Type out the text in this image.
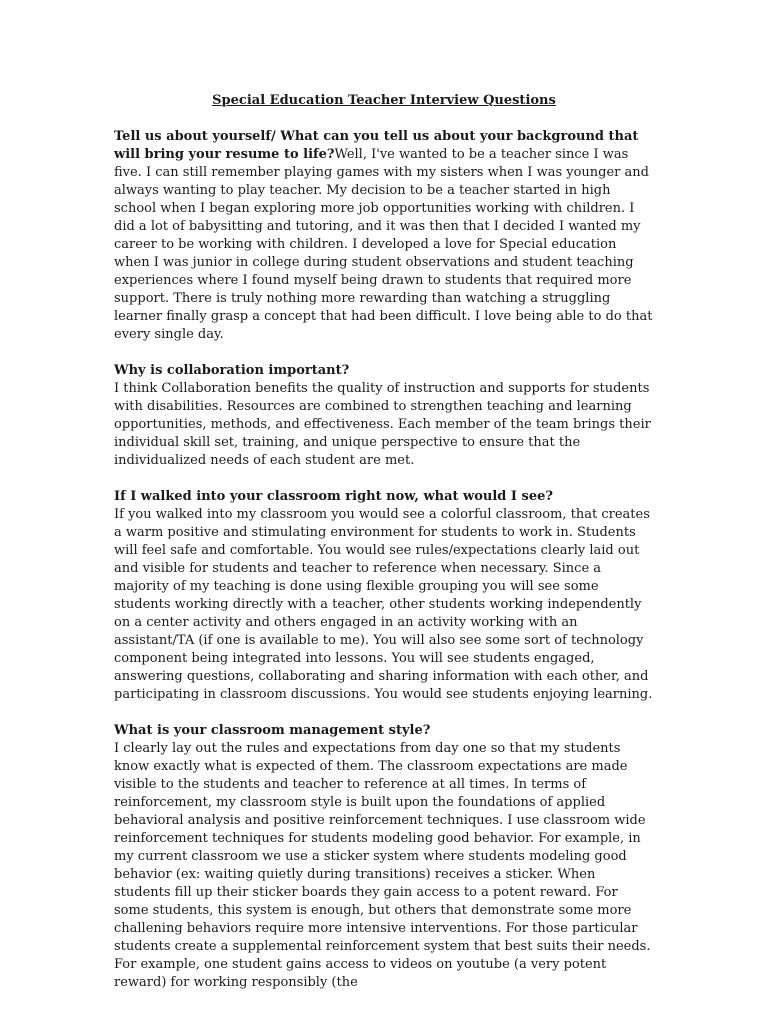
Special Education Teacher Interview Questions
Tell us about yourself/ What can you tell us about your background that will bring your resume to life?Well, I've wanted to be a teacher since I was five. I can still remember playing games with my sisters when I was younger and always wanting to play teacher. My decision to be a teacher started in high school when I began exploring more job opportunities working with children. I did a lot of babysitting and tutoring, and it was then that I decided I wanted my career to be working with children. I developed a love for Special education when I was junior in college during student observations and student teaching experiences where I found myself being drawn to students that required more support. There is truly nothing more rewarding than watching a struggling learner finally grasp a concept that had been difficult. I love being able to do that every single day.
Why is collaboration important?
I think Collaboration benefits the quality of instruction and supports for students with disabilities. Resources are combined to strengthen teaching and learning opportunities, methods, and effectiveness. Each member of the team brings their individual skill set, training, and unique perspective to ensure that the individualized needs of each student are met.
If I walked into your classroom right now, what would I see?
If you walked into my classroom you would see a colorful classroom, that creates a warm positive and stimulating environment for students to work in. Students will feel safe and comfortable. You would see rules/expectations clearly laid out and visible for students and teacher to reference when necessary. Since a majority of my teaching is done using flexible grouping you will see some students working directly with a teacher, other students working independently on a center activity and others engaged in an activity working with an assistant/TA (if one is available to me). You will also see some sort of technology component being integrated into lessons. You will see students engaged, answering questions, collaborating and sharing information with each other, and participating in classroom discussions. You would see students enjoying learning.
What is your classroom management style?
I clearly lay out the rules and expectations from day one so that my students know exactly what is expected of them. The classroom expectations are made visible to the students and teacher to reference at all times. In terms of reinforcement, my classroom style is built upon the foundations of applied behavioral analysis and positive reinforcement techniques. I use classroom wide reinforcement techniques for students modeling good behavior. For example, in my current classroom we use a sticker system where students modeling good behavior (ex: waiting quietly during transitions) receives a sticker. When students fill up their sticker boards they gain access to a potent reward. For some students, this system is enough, but others that demonstrate some more challening behaviors require more intensive interventions. For those particular students create a supplemental reinforcement system that best suits their needs. For example, one student gains access to videos on youtube (a very potent reward) for working responsibly (the
